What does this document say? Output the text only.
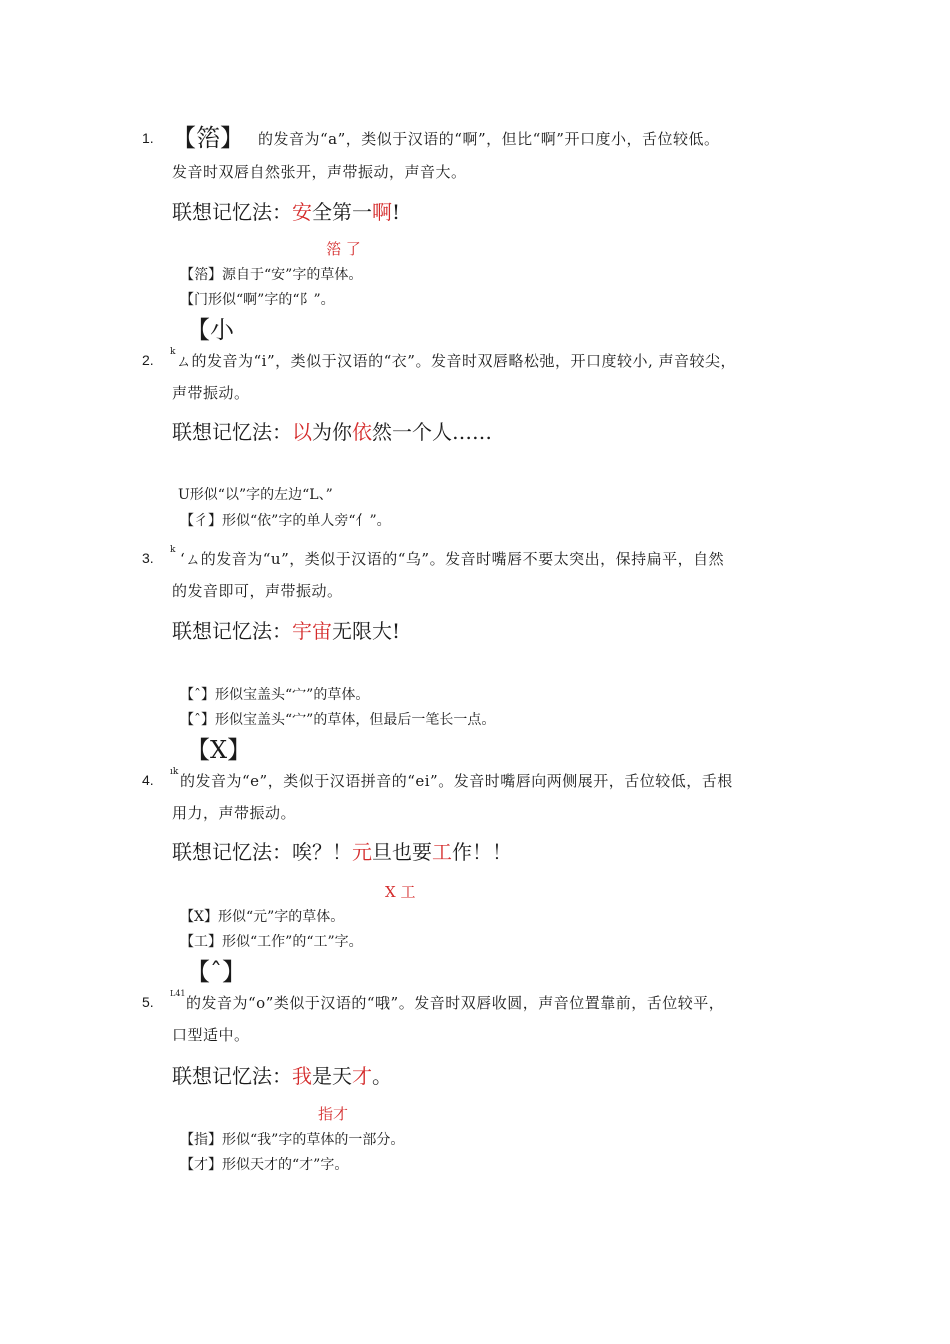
1. 【箈】 的发音为“a”，类似于汉语的“啊”，但比“啊”开口度小，舌位较低。
发音时双唇自然张开，声带振动，声音大。
联想记忆法：安全第一啊!
箈 了
【箈】源自于“安”字的草体。
【门形似“啊”字的“阝”。
【小
2. k ㄙ的发音为“i”，类似于汉语的“衣”。发音时双唇略松弛，开口度较小, 声音较尖，
声带振动。
联想记忆法：以为你依然一个人……
U形似“以”字的左边“L、”
【彳】形似“依”字的单人旁“亻”。
3. k ‘ㄙ的发音为“u”，类似于汉语的“乌”。发音时嘴唇不要太突出，保持扁平，自然
的发音即可，声带振动。
联想记忆法：宇宙无限大!
【ˆ】形似宝盖头“宀”的草体。
【ˆ】形似宝盖头“宀”的草体，但最后一笔长一点。
【X】
4. ık 的发音为“e”，类似于汉语拼音的“ei”。发音时嘴唇向两侧展开，舌位较低，舌根
用力，声带振动。
联想记忆法：唉？！元旦也要工作！！
X 工
【X】形似“元”字的草体。
【工】形似“工作”的“工”字。
【ˆ】
5.
L41
的发音为“o”类似于汉语的“哦”。发音时双唇收圆，声音位置靠前，舌位较平，
口型适中。
联想记忆法：我是天才。
指才
【指】形似“我”字的草体的一部分。
【才】形似天才的“才”字。
